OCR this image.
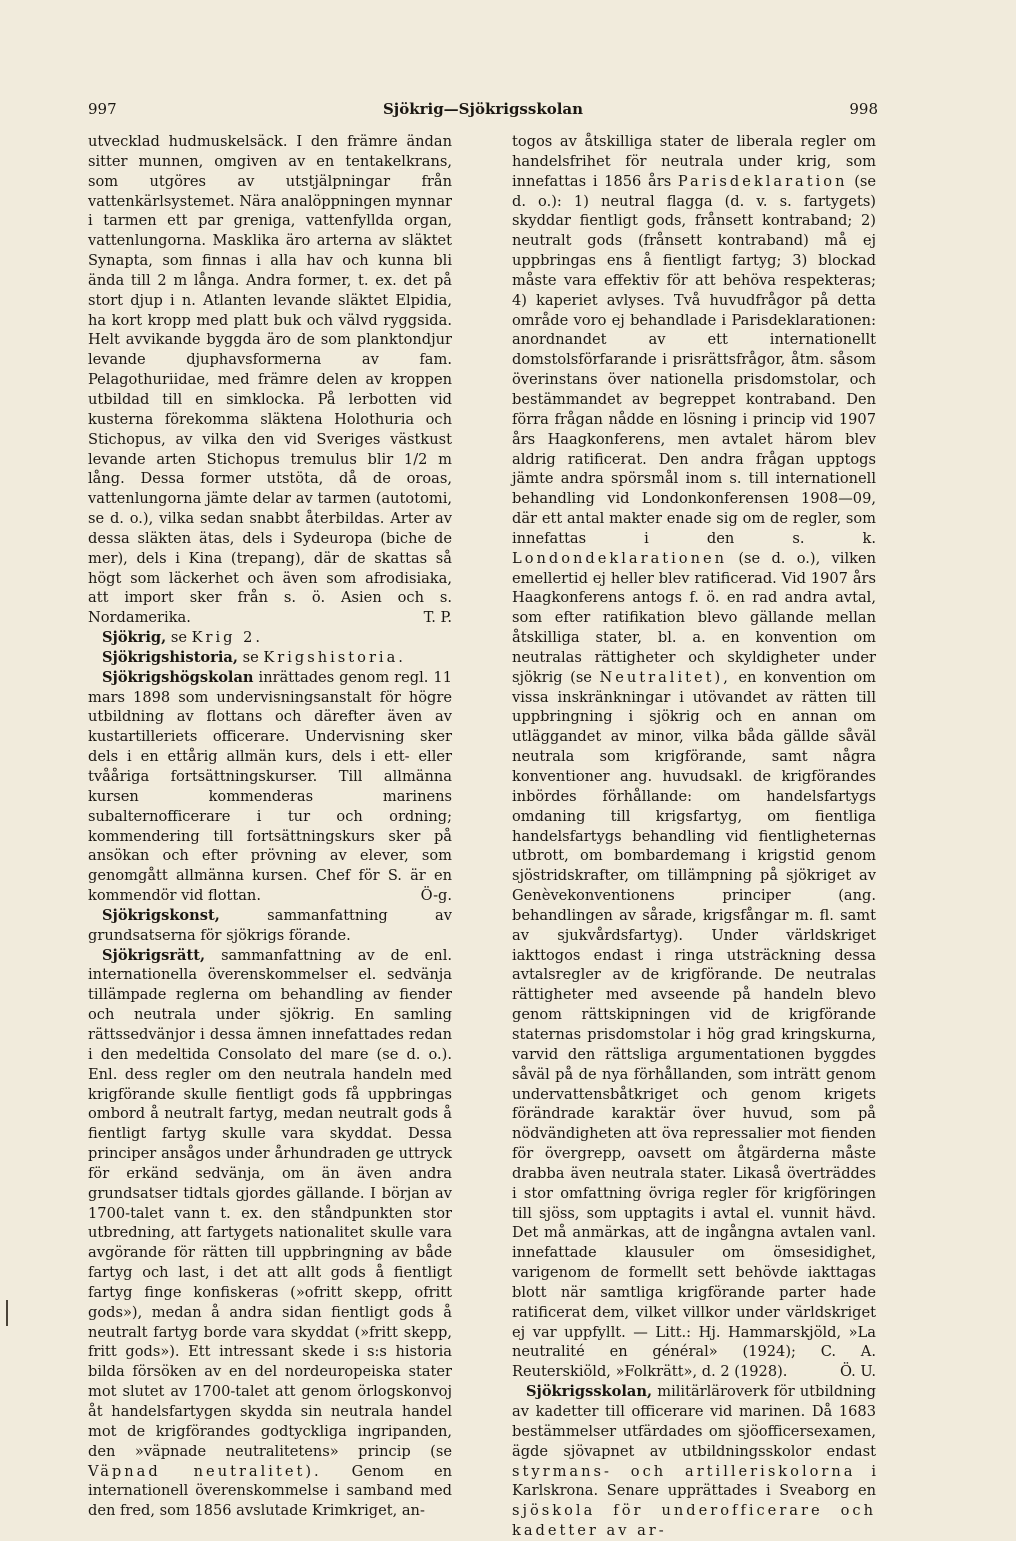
997	Sjökrig—Sjökrigsskolan	998

utvecklad hudmuskelsäck. I den främre ändan sitter munnen, omgiven av en tentakelkrans, som utgöres av utstjälpningar från vattenkärlsystemet. Nära analöppningen mynnar i tarmen ett par greniga, vattenfyllda organ, vattenlungorna. Masklika äro arterna av släktet Synapta, som finnas i alla hav och kunna bli ända till 2 m långa. Andra former, t. ex. det på stort djup i n. Atlanten levande släktet Elpidia, ha kort kropp med platt buk och välvd ryggsida. Helt avvikande byggda äro de som planktondjur levande djuphavsformerna av fam. Pelagothuriidae, med främre delen av kroppen utbildad till en simklocka. På lerbotten vid kusterna förekomma släktena Holothuria och Stichopus, av vilka den vid Sveriges västkust levande arten Stichopus tremulus blir 1/2 m lång. Dessa former utstöta, då de oroas, vattenlungorna jämte delar av tarmen (autotomi, se d. o.), vilka sedan snabbt återbildas. Arter av dessa släkten ätas, dels i Sydeuropa (biche de mer), dels i Kina (trepang), där de skattas så högt som läckerhet och även som afrodisiaka, att import sker från s. ö. Asien och s. Nordamerika.	T. P.

Sjökrig, se Krig 2.

Sjökrigshistoria, se Krigshistoria.

Sjökrigshögskolan inrättades genom regl. 11 mars 1898 som undervisningsanstalt för högre utbildning av flottans och därefter även av kustartilleriets officerare. Undervisning sker dels i en ettårig allmän kurs, dels i ett- eller tvååriga fortsättningskurser. Till allmänna kursen kommenderas marinens subalternofficerare i tur och ordning; kommendering till fortsättningskurs sker på ansökan och efter prövning av elever, som genomgått allmänna kursen. Chef för S. är en kommendör vid flottan.	Ö-g.

Sjökrigskonst,	sammanfattning av grundsatserna för sjökrigs förande.

Sjökrigsrätt, sammanfattning av de enl. internationella överenskommelser el. sedvänja tillämpade reglerna om behandling av fiender och neutrala under sjökrig. En samling rättssedvänjor i dessa ämnen innefattades redan i den medeltida Consolato del mare (se d. o.). Enl. dess regler om den neutrala handeln med krigförande skulle fientligt gods få uppbringas ombord å neutralt fartyg, medan neutralt gods å fientligt fartyg skulle vara skyddat. Dessa principer ansågos under århundraden ge uttryck för erkänd sedvänja, om än även andra grundsatser tidtals gjordes gällande. I början av 1700-talet vann t. ex. den ståndpunkten stor utbredning, att fartygets nationalitet skulle vara avgörande för rätten till uppbringning av både fartyg och last, i det att allt gods å fientligt fartyg finge konfiskeras (»ofritt skepp, ofritt gods»), medan å andra sidan fientligt gods å neutralt fartyg borde vara skyddat (»fritt skepp, fritt gods»). Ett intressant skede i s:s historia bilda försöken av en del nordeuropeiska stater mot slutet av 1700-talet att genom örlogskonvoj åt handelsfartygen skydda sin neutrala handel mot de krigförandes godtyckliga ingripanden, den »väpnade neutralitetens» princip (se Väpnad neutralitet). Genom en internationell överenskommelse i samband med den fred, som 1856 avslutade Krimkriget, an-

togos av åtskilliga stater de liberala regler om handelsfrihet för neutrala under krig, som innefattas i 1856 års Parisdeklaration (se d. o.): 1) neutral flagga (d. v. s. fartygets) skyddar fientligt gods, frånsett kontraband; 2) neutralt gods (frånsett kontraband) må ej uppbringas ens å fientligt fartyg; 3) blockad måste vara effektiv för att behöva respekteras; 4) kaperiet avlyses. Två huvudfrågor på detta område voro ej behandlade i Parisdeklarationen: anordnandet av ett internationellt domstolsförfarande i prisrättsfrågor, åtm. såsom överinstans över nationella prisdomstolar, och bestämmandet av begreppet kontraband. Den förra frågan nådde en lösning i princip vid 1907 års Haagkonferens, men avtalet härom blev aldrig ratificerat. Den andra frågan upptogs jämte andra spörsmål inom s. till internationell behandling vid Londonkonferensen 1908—09, där ett antal makter enade sig om de regler, som innefattas i den s. k. Londondeklarationen (se d. o.), vilken emellertid ej heller blev ratificerad. Vid 1907 års Haagkonferens antogs f. ö. en rad andra avtal, som efter ratifikation blevo gällande mellan åtskilliga stater, bl. a. en konvention om neutralas rättigheter och skyldigheter under sjökrig (se Neutralitet), en konvention om vissa inskränkningar i utövandet av rätten till uppbringning i sjökrig och en annan om utläggandet av minor, vilka båda gällde såväl neutrala som krigförande, samt några konventioner ang. huvudsakl. de krigförandes inbördes förhållande: om handelsfartygs omdaning till krigsfartyg, om fientliga handelsfartygs behandling vid fientligheternas utbrott, om bombardemang i krigstid genom sjöstridskrafter, om tillämpning på sjökriget av Genèvekonventionens principer (ang. behandlingen av sårade, krigsfångar m. fl. samt av sjukvårdsfartyg). Under världskriget iakttogos endast i ringa utsträckning dessa avtalsregler av de krigförande. De neutralas rättigheter med avseende på handeln blevo genom rättskipningen vid de krigförande staternas prisdomstolar i hög grad kringskurna, varvid den rättsliga argumentationen byggdes såväl på de nya förhållanden, som inträtt genom undervattensbåtkriget och genom krigets förändrade karaktär över huvud, som på nödvändigheten att öva repressalier mot fienden för övergrepp, oavsett om åtgärderna måste drabba även neutrala stater. Likaså överträddes i stor omfattning övriga regler för krigföringen till sjöss, som upptagits i avtal el. vunnit hävd. Det må anmärkas, att de ingångna avtalen vanl. innefattade klausuler om ömsesidighet, varigenom de formellt sett behövde iakttagas blott när samtliga krigförande parter hade ratificerat dem, vilket villkor under världskriget ej var uppfyllt. — Litt.: Hj. Hammarskjöld, »La neutralité en général» (1924); C. A. Reuterskiöld, »Folkrätt», d. 2 (1928).	Ö. U.

Sjökrigsskolan, militärläroverk för utbildning av kadetter till officerare vid marinen. Då 1683 bestämmelser utfärdades om sjöofficersexamen, ägde sjövapnet av utbildningsskolor endast styrmans- och artilleriskolorna i Karlskrona. Senare upprättades i Sveaborg en sjöskola för underofficerare och kadetter av ar-
